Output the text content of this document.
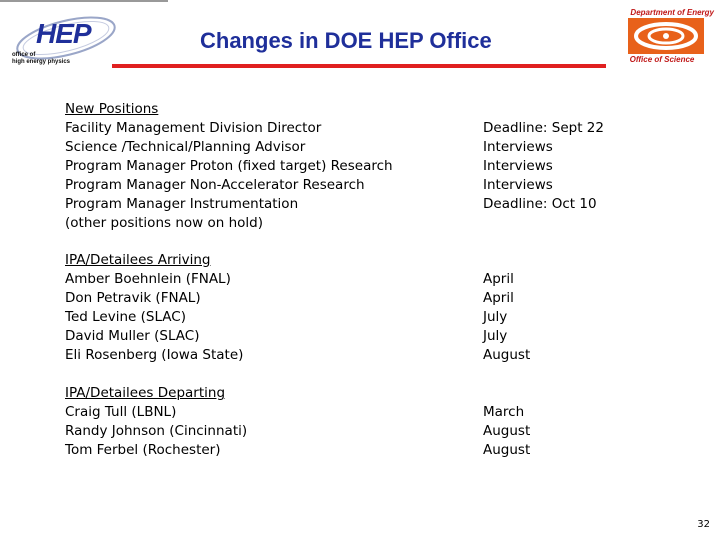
HEP
office of
high energy physics
Changes in DOE HEP Office
Department of Energy
Office of Science
New Positions
Facility Management Division Director
Science /Technical/Planning Advisor
Program Manager Proton (fixed target) Research
Program Manager Non-Accelerator Research
Program Manager Instrumentation
(other positions now on hold)
Deadline: Sept 22
Interviews
Interviews
Interviews
Deadline: Oct 10
IPA/Detailees Arriving
Amber Boehnlein (FNAL)
Don Petravik (FNAL)
Ted Levine (SLAC)
David Muller (SLAC)
Eli Rosenberg (Iowa State)
April
April
July
July
August
IPA/Detailees Departing
Craig Tull (LBNL)
Randy Johnson (Cincinnati)
Tom Ferbel (Rochester)
March
August
August
32
